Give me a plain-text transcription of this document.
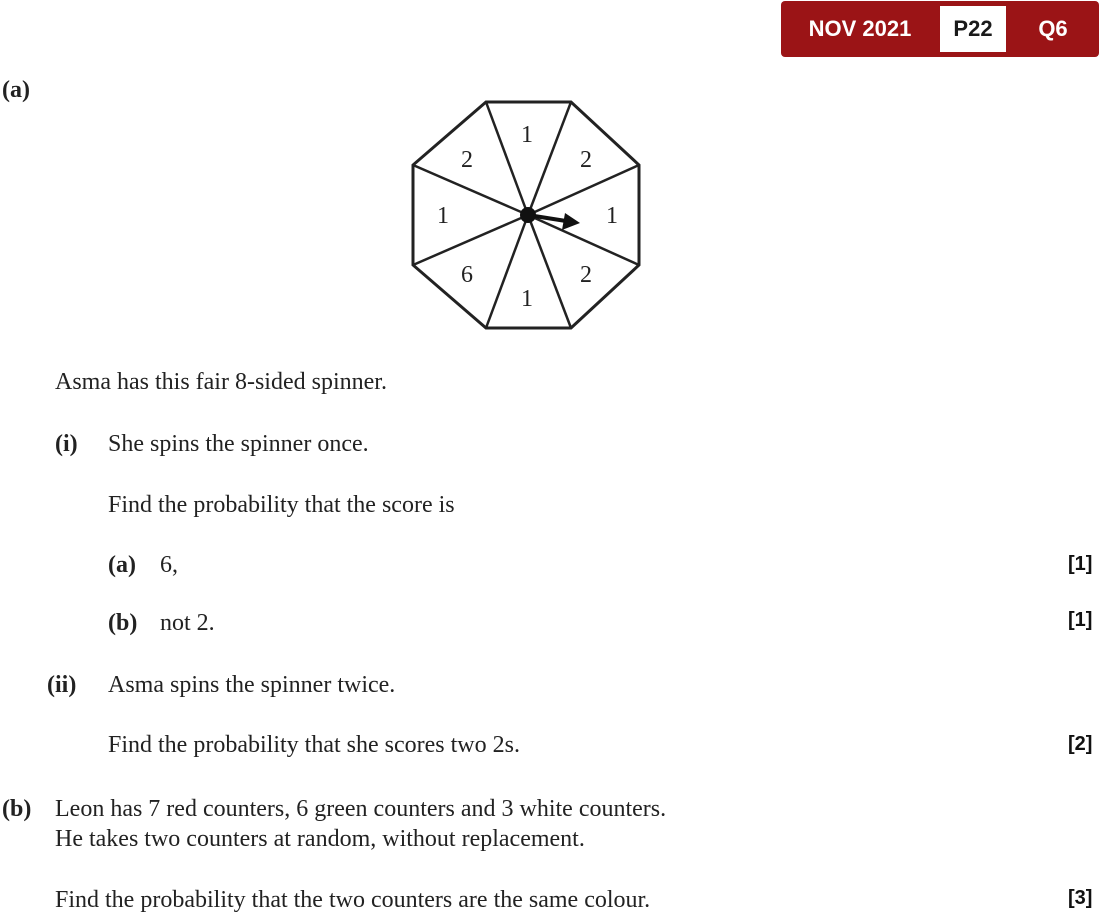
NOV 2021	P22	Q6
(a)
1
2
1
2
1
6
1
2
Asma has this fair 8-sided spinner.
(i) She spins the spinner once.
Find the probability that the score is
(a) 6,	[1]
(b) not 2.	[1]
(ii) Asma spins the spinner twice.
Find the probability that she scores two 2s.	[2]
(b) Leon has 7 red counters, 6 green counters and 3 white counters.
He takes two counters at random, without replacement.
Find the probability that the two counters are the same colour.	[3]
